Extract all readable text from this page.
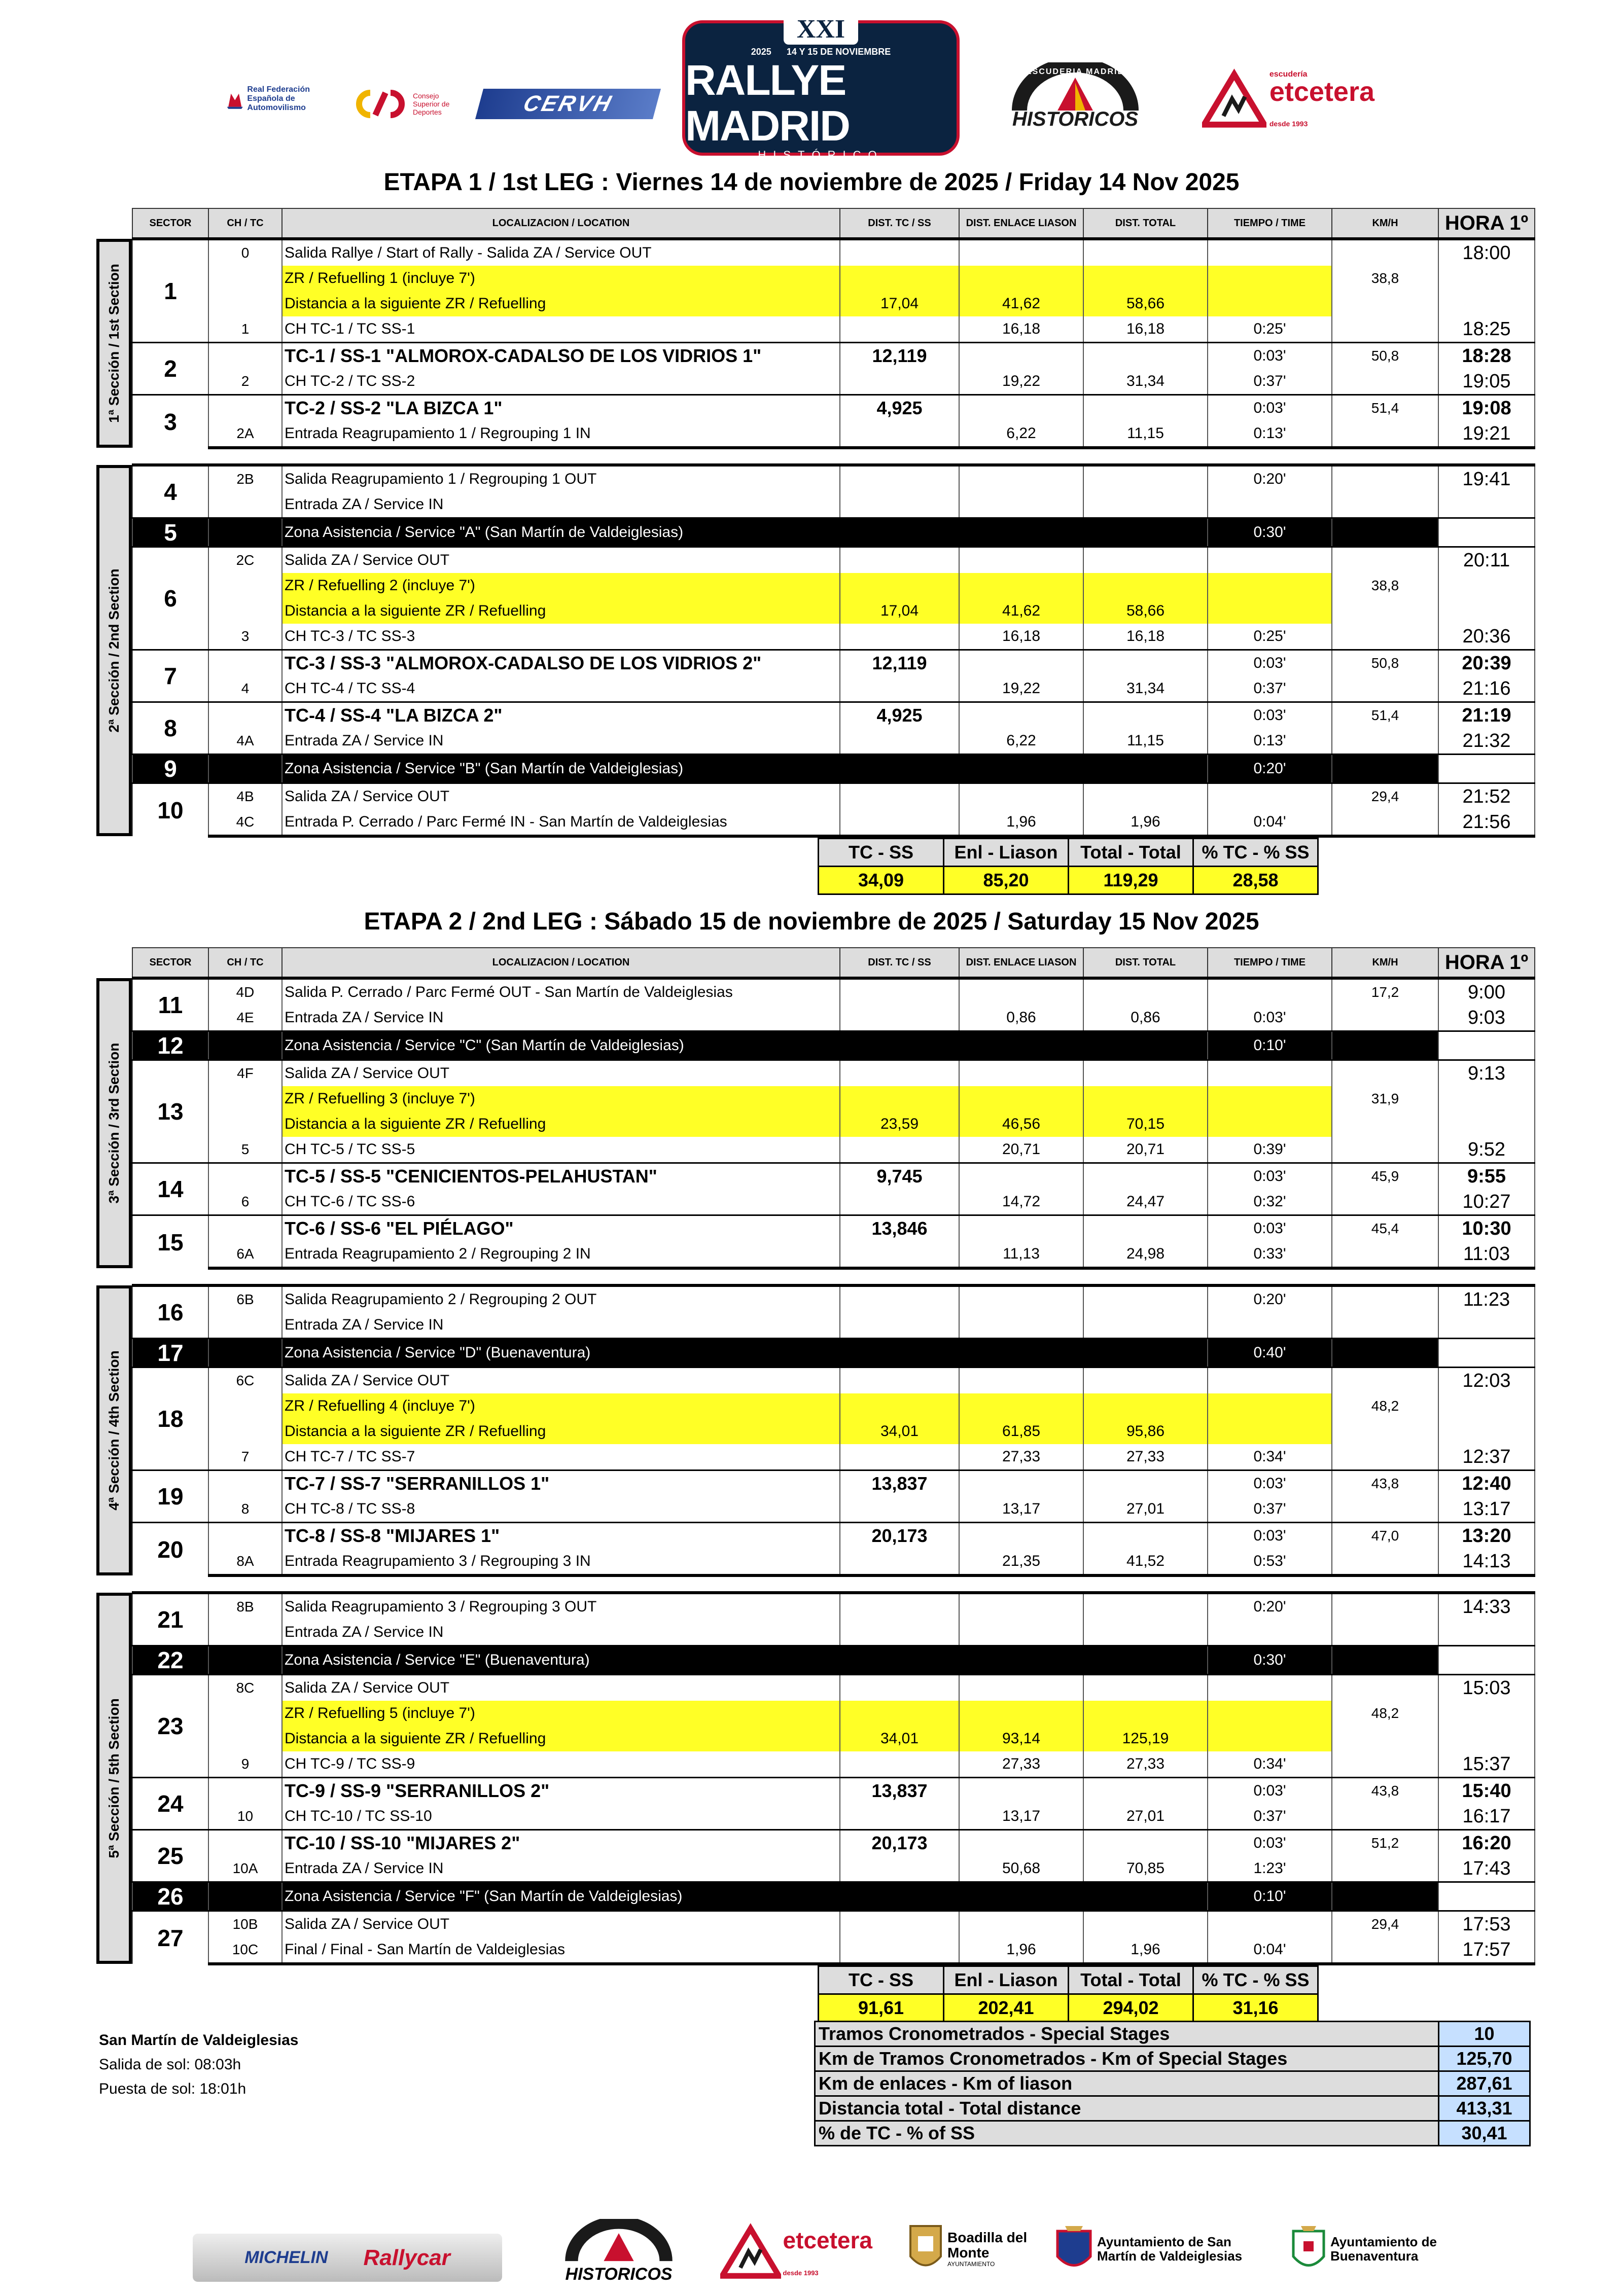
Real Federación Española de Automovilismo
Consejo Superior de Deportes	CERVH
XXI
2025 14 Y 15 DE NOVIEMBRE
RALLYE MADRID
HISTÓRICO
ESCUDERIA MADRID
HISTORICOS
escudería
etcetera
desde 1993
ETAPA 1 / 1st LEG : Viernes 14 de noviembre de 2025 / Friday 14 Nov 2025
SECTOR	CH / TC	LOCALIZACION / LOCATION	DIST. TC / SS	DIST. ENLACE LIASON	DIST. TOTAL	TIEMPO / TIME	KM/H	HORA 1º
1	0	Salida Rallye / Start of Rally - Salida ZA / Service OUT						18:00
		ZR / Refuelling 1 (incluye 7')					38,8	
		Distancia a la siguiente ZR / Refuelling	17,04	41,62	58,66			
	1	CH TC-1 / TC SS-1		16,18	16,18	0:25'		18:25
2		TC-1 / SS-1 "ALMOROX-CADALSO DE LOS VIDRIOS 1"	12,119			0:03'	50,8	18:28
	2	CH TC-2 / TC SS-2		19,22	31,34	0:37'		19:05
3		TC-2 / SS-2 "LA BIZCA 1"	4,925			0:03'	51,4	19:08
	2A	Entrada Reagrupamiento 1 / Regrouping 1 IN		6,22	11,15	0:13'		19:21

4	2B	Salida Reagrupamiento 1 / Regrouping 1 OUT				0:20'		19:41
		Entrada ZA / Service IN						
5		Zona Asistencia / Service "A" (San Martín de Valdeiglesias)				0:30'		
6	2C	Salida ZA / Service OUT						20:11
		ZR / Refuelling 2 (incluye 7')					38,8	
		Distancia a la siguiente ZR / Refuelling	17,04	41,62	58,66			
	3	CH TC-3 / TC SS-3		16,18	16,18	0:25'		20:36
7		TC-3 / SS-3 "ALMOROX-CADALSO DE LOS VIDRIOS 2"	12,119			0:03'	50,8	20:39
	4	CH TC-4 / TC SS-4		19,22	31,34	0:37'		21:16
8		TC-4 / SS-4 "LA BIZCA 2"	4,925			0:03'	51,4	21:19
	4A	Entrada ZA / Service IN		6,22	11,15	0:13'		21:32
9		Zona Asistencia / Service "B" (San Martín de Valdeiglesias)				0:20'		
10	4B	Salida ZA / Service OUT					29,4	21:52
	4C	Entrada P. Cerrado / Parc Fermé IN - San Martín de Valdeiglesias		1,96	1,96	0:04'		21:56
TC - SS	Enl - Liason	Total - Total	% TC - % SS
34,09	85,20	119,29	28,58
ETAPA 2 / 2nd LEG : Sábado 15 de noviembre de 2025 / Saturday 15 Nov 2025
SECTOR	CH / TC	LOCALIZACION / LOCATION	DIST. TC / SS	DIST. ENLACE LIASON	DIST. TOTAL	TIEMPO / TIME	KM/H	HORA 1º
11	4D	Salida P. Cerrado / Parc Fermé OUT - San Martín de Valdeiglesias					17,2	9:00
	4E	Entrada ZA / Service IN		0,86	0,86	0:03'		9:03
12		Zona Asistencia / Service "C" (San Martín de Valdeiglesias)				0:10'		
13	4F	Salida ZA / Service OUT						9:13
		ZR / Refuelling 3 (incluye 7')					31,9	
		Distancia a la siguiente ZR / Refuelling	23,59	46,56	70,15			
	5	CH TC-5 / TC SS-5		20,71	20,71	0:39'		9:52
14		TC-5 / SS-5 "CENICIENTOS-PELAHUSTAN"	9,745			0:03'	45,9	9:55
	6	CH TC-6 / TC SS-6		14,72	24,47	0:32'		10:27
15		TC-6 / SS-6 "EL PIÉLAGO"	13,846			0:03'	45,4	10:30
	6A	Entrada Reagrupamiento 2 / Regrouping 2 IN		11,13	24,98	0:33'		11:03

16	6B	Salida Reagrupamiento 2 / Regrouping 2 OUT				0:20'		11:23
		Entrada ZA / Service IN						
17		Zona Asistencia / Service "D" (Buenaventura)				0:40'		
18	6C	Salida ZA / Service OUT						12:03
		ZR / Refuelling 4 (incluye 7')					48,2	
		Distancia a la siguiente ZR / Refuelling	34,01	61,85	95,86			
	7	CH TC-7 / TC SS-7		27,33	27,33	0:34'		12:37
19		TC-7 / SS-7 "SERRANILLOS 1"	13,837			0:03'	43,8	12:40
	8	CH TC-8 / TC SS-8		13,17	27,01	0:37'		13:17
20		TC-8 / SS-8 "MIJARES 1"	20,173			0:03'	47,0	13:20
	8A	Entrada Reagrupamiento 3 / Regrouping 3 IN		21,35	41,52	0:53'		14:13

21	8B	Salida Reagrupamiento 3 / Regrouping 3 OUT				0:20'		14:33
		Entrada ZA / Service IN						
22		Zona Asistencia / Service "E" (Buenaventura)				0:30'		
23	8C	Salida ZA / Service OUT						15:03
		ZR / Refuelling 5 (incluye 7')					48,2	
		Distancia a la siguiente ZR / Refuelling	34,01	93,14	125,19			
	9	CH TC-9 / TC SS-9		27,33	27,33	0:34'		15:37
24		TC-9 / SS-9 "SERRANILLOS 2"	13,837			0:03'	43,8	15:40
	10	CH TC-10 / TC SS-10		13,17	27,01	0:37'		16:17
25		TC-10 / SS-10 "MIJARES 2"	20,173			0:03'	51,2	16:20
	10A	Entrada ZA / Service IN		50,68	70,85	1:23'		17:43
26		Zona Asistencia / Service "F" (San Martín de Valdeiglesias)				0:10'		
27	10B	Salida ZA / Service OUT					29,4	17:53
	10C	Final / Final - San Martín de Valdeiglesias		1,96	1,96	0:04'		17:57
TC - SS	Enl - Liason	Total - Total	% TC - % SS
91,61	202,41	294,02	31,16
San Martín de Valdeiglesias
Salida de sol: 08:03h
Puesta de sol: 18:01h
Tramos Cronometrados - Special Stages	10
Km de Tramos Cronometrados - Km of Special Stages	125,70
Km de enlaces - Km of liason	287,61
Distancia total - Total distance	413,31
% de TC - % of SS	30,41
MICHELIN Rallycar
HISTORICOS
etcetera
desde 1993
Boadilla del Monte
AYUNTAMIENTO
Ayuntamiento de San Martín de Valdeiglesias
Ayuntamiento de Buenaventura
1ª Sección / 1st Section
2ª Sección / 2nd Section
3ª Sección / 3rd Section
4ª Sección / 4th Section
5ª Sección / 5th Section
